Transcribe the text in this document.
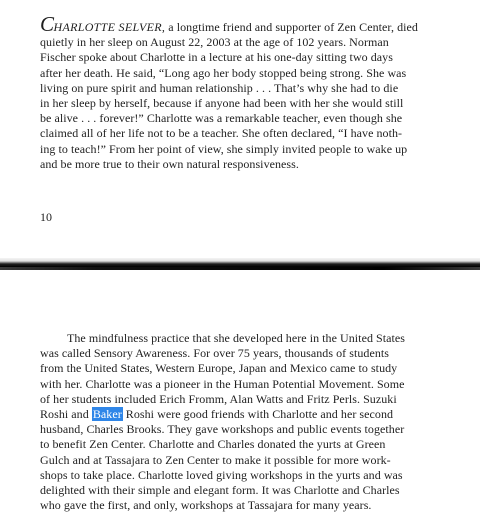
CHARLOTTE SELVER, a longtime friend and supporter of Zen Center, died
quietly in her sleep on August 22, 2003 at the age of 102 years. Norman
Fischer spoke about Charlotte in a lecture at his one-day sitting two days
after her death. He said, “Long ago her body stopped being strong. She was
living on pure spirit and human relationship . . . That’s why she had to die
in her sleep by herself, because if anyone had been with her she would still
be alive . . . forever!” Charlotte was a remarkable teacher, even though she
claimed all of her life not to be a teacher. She often declared, “I have noth-
ing to teach!” From her point of view, she simply invited people to wake up
and be more true to their own natural responsiveness.

10

The mindfulness practice that she developed here in the United States
was called Sensory Awareness. For over 75 years, thousands of students
from the United States, Western Europe, Japan and Mexico came to study
with her. Charlotte was a pioneer in the Human Potential Movement. Some
of her students included Erich Fromm, Alan Watts and Fritz Perls. Suzuki
Roshi and Baker Roshi were good friends with Charlotte and her second
husband, Charles Brooks. They gave workshops and public events together
to benefit Zen Center. Charlotte and Charles donated the yurts at Green
Gulch and at Tassajara to Zen Center to make it possible for more work-
shops to take place. Charlotte loved giving workshops in the yurts and was
delighted with their simple and elegant form. It was Charlotte and Charles
who gave the first, and only, workshops at Tassajara for many years.
